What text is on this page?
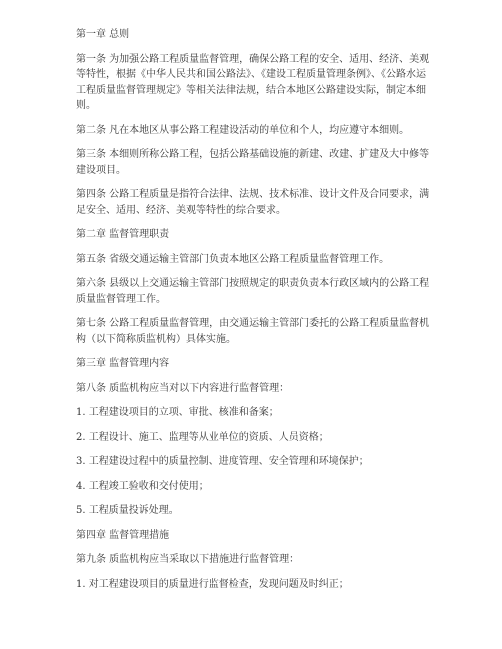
第一章 总则
第一条 为加强公路工程质量监督管理，确保公路工程的安全、适用、经济、美观等特性，根据《中华人民共和国公路法》、《建设工程质量管理条例》、《公路水运工程质量监督管理规定》等相关法律法规，结合本地区公路建设实际，制定本细则。
第二条 凡在本地区从事公路工程建设活动的单位和个人，均应遵守本细则。
第三条 本细则所称公路工程，包括公路基础设施的新建、改建、扩建及大中修等建设项目。
第四条 公路工程质量是指符合法律、法规、技术标准、设计文件及合同要求，满足安全、适用、经济、美观等特性的综合要求。
第二章 监督管理职责
第五条 省级交通运输主管部门负责本地区公路工程质量监督管理工作。
第六条 县级以上交通运输主管部门按照规定的职责负责本行政区域内的公路工程质量监督管理工作。
第七条 公路工程质量监督管理，由交通运输主管部门委托的公路工程质量监督机构（以下简称质监机构）具体实施。
第三章 监督管理内容
第八条 质监机构应当对以下内容进行监督管理：
1. 工程建设项目的立项、审批、核准和备案；
2. 工程设计、施工、监理等从业单位的资质、人员资格；
3. 工程建设过程中的质量控制、进度管理、安全管理和环境保护；
4. 工程竣工验收和交付使用；
5. 工程质量投诉处理。
第四章 监督管理措施
第九条 质监机构应当采取以下措施进行监督管理：
1. 对工程建设项目的质量进行监督检查，发现问题及时纠正；
